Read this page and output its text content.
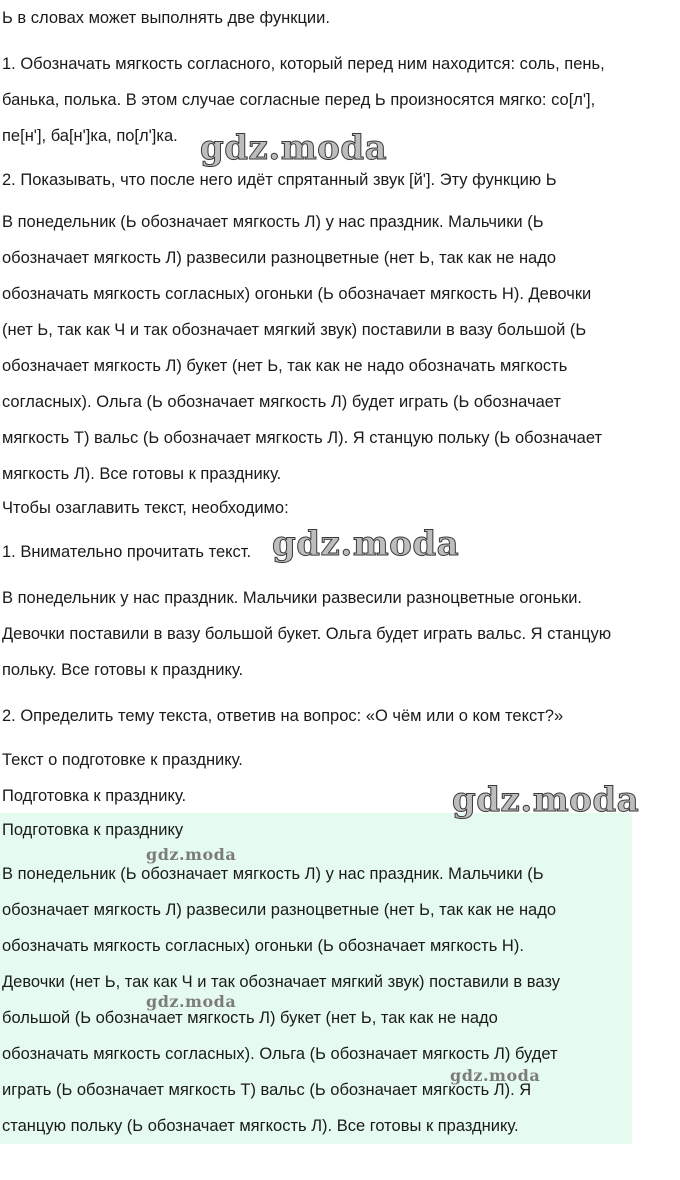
Ь в словах может выполнять две функции.
1. Обозначать мягкость согласного, который перед ним находится: соль, пень,
банька, полька. В этом случае согласные перед Ь произносятся мягко: со[л'],
пе[н'], ба[н']ка, по[л']ка.
2. Показывать, что после него идёт спрятанный звук [й']. Эту функцию Ь
В понедельник (Ь обозначает мягкость Л) у нас праздник. Мальчики (Ь
обозначает мягкость Л) развесили разноцветные (нет Ь, так как не надо
обозначать мягкость согласных) огоньки (Ь обозначает мягкость Н). Девочки
(нет Ь, так как Ч и так обозначает мягкий звук) поставили в вазу большой (Ь
обозначает мягкость Л) букет (нет Ь, так как не надо обозначать мягкость
согласных). Ольга (Ь обозначает мягкость Л) будет играть (Ь обозначает
мягкость Т) вальс (Ь обозначает мягкость Л). Я станцую польку (Ь обозначает
мягкость Л). Все готовы к празднику.
Чтобы озаглавить текст, необходимо:
1. Внимательно прочитать текст.
В понедельник у нас праздник. Мальчики развесили разноцветные огоньки.
Девочки поставили в вазу большой букет. Ольга будет играть вальс. Я станцую
польку. Все готовы к празднику.
2. Определить тему текста, ответив на вопрос: «О чём или о ком текст?»
Текст о подготовке к празднику.
Подготовка к празднику.
Подготовка к празднику
В понедельник (Ь обозначает мягкость Л) у нас праздник. Мальчики (Ь
обозначает мягкость Л) развесили разноцветные (нет Ь, так как не надо
обозначать мягкость согласных) огоньки (Ь обозначает мягкость Н).
Девочки (нет Ь, так как Ч и так обозначает мягкий звук) поставили в вазу
большой (Ь обозначает мягкость Л) букет (нет Ь, так как не надо
обозначать мягкость согласных). Ольга (Ь обозначает мягкость Л) будет
играть (Ь обозначает мягкость Т) вальс (Ь обозначает мягкость Л). Я
станцую польку (Ь обозначает мягкость Л). Все готовы к празднику.
gdz.moda
gdz.moda
gdz.moda
gdz.moda
gdz.moda
gdz.moda
